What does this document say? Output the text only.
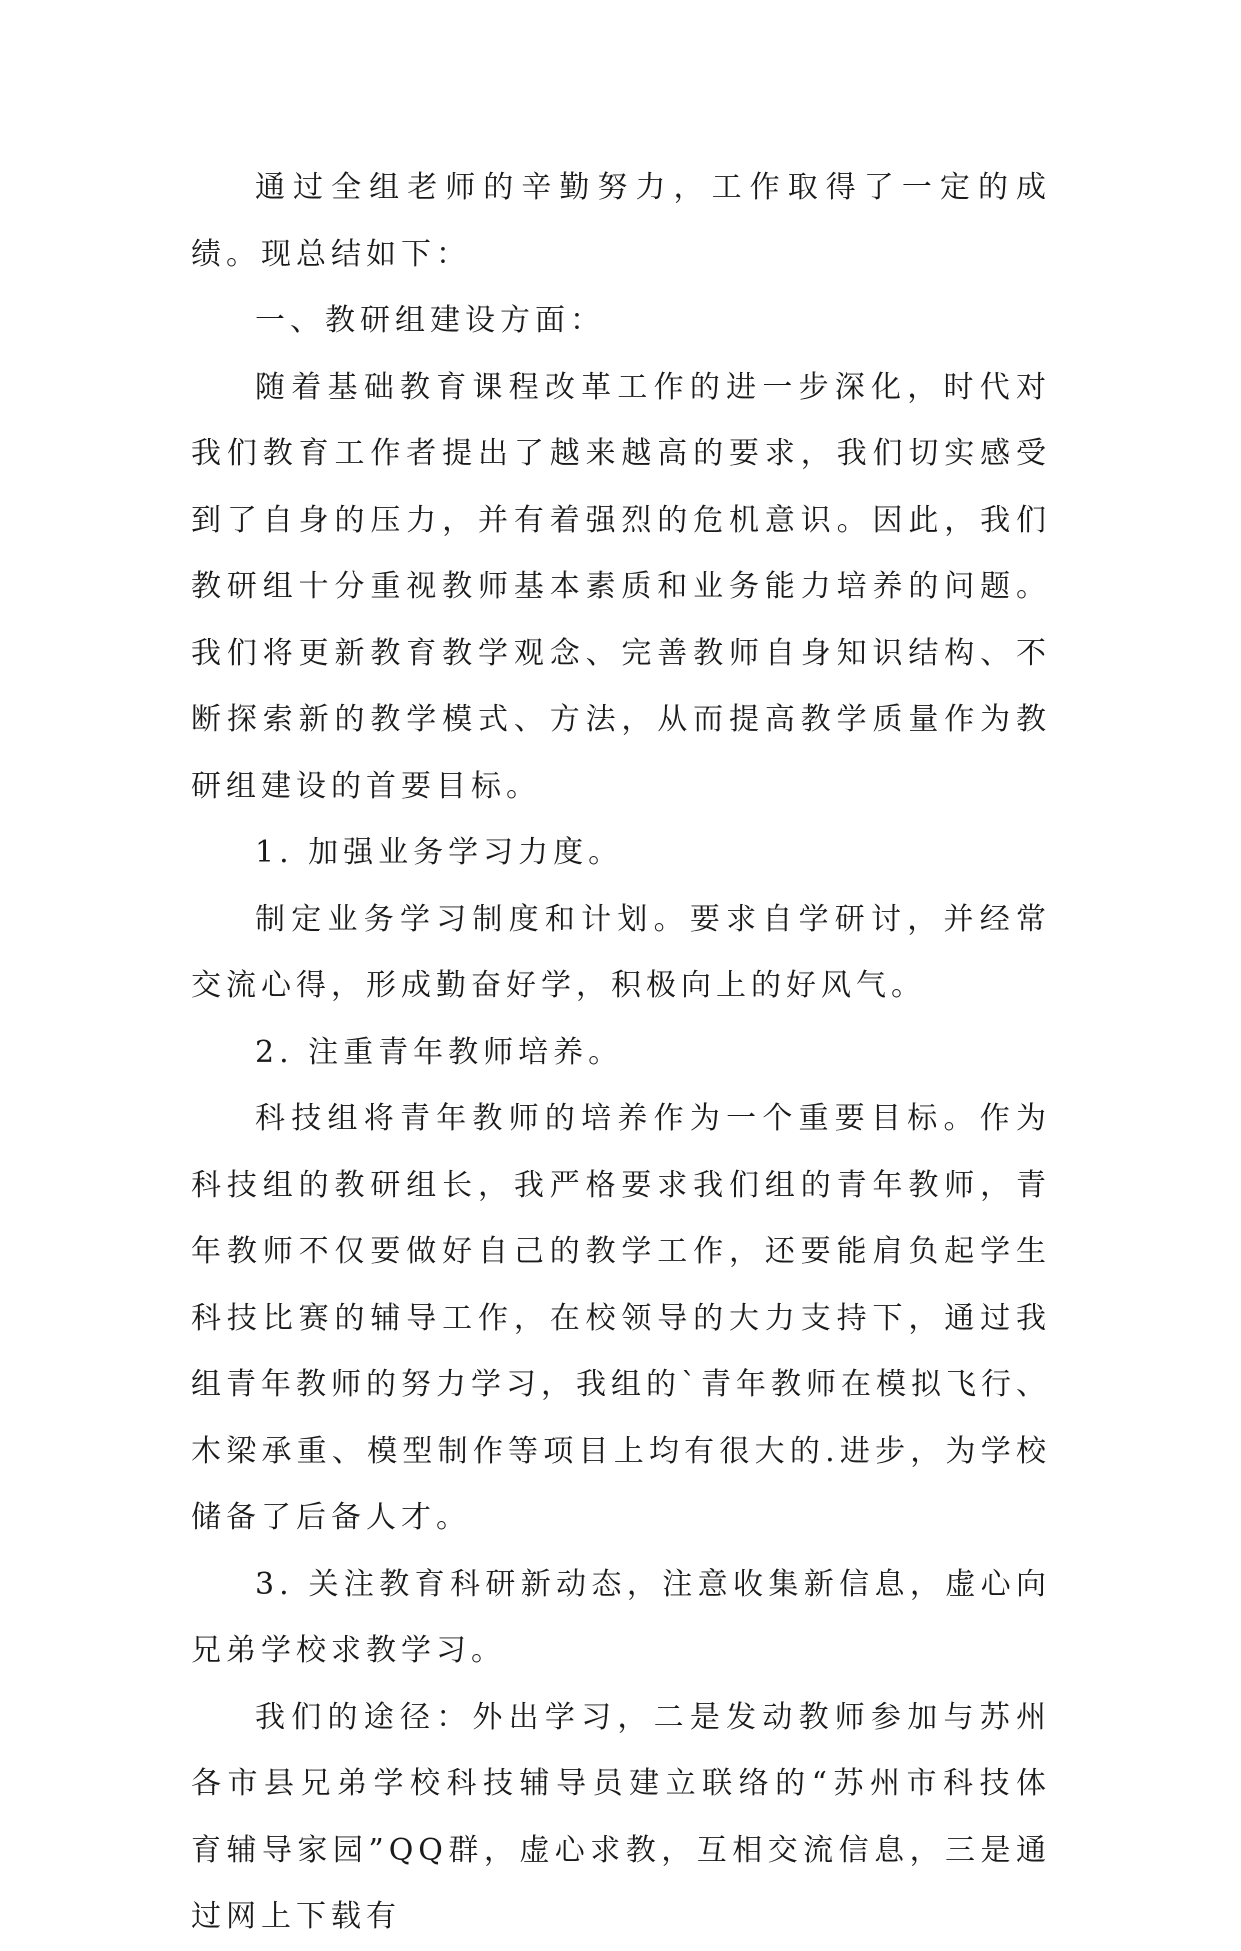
通过全组老师的辛勤努力，工作取得了一定的成绩。现总结如下：

一、教研组建设方面：

随着基础教育课程改革工作的进一步深化，时代对我们教育工作者提出了越来越高的要求，我们切实感受到了自身的压力，并有着强烈的危机意识。因此，我们教研组十分重视教师基本素质和业务能力培养的问题。我们将更新教育教学观念、完善教师自身知识结构、不断探索新的教学模式、方法，从而提高教学质量作为教研组建设的首要目标。

1. 加强业务学习力度。

制定业务学习制度和计划。要求自学研讨，并经常交流心得，形成勤奋好学，积极向上的好风气。

2. 注重青年教师培养。

科技组将青年教师的培养作为一个重要目标。作为科技组的教研组长，我严格要求我们组的青年教师，青年教师不仅要做好自己的教学工作，还要能肩负起学生科技比赛的辅导工作，在校领导的大力支持下，通过我组青年教师的努力学习，我组的`青年教师在模拟飞行、木梁承重、模型制作等项目上均有很大的.进步，为学校储备了后备人才。

3. 关注教育科研新动态，注意收集新信息，虚心向兄弟学校求教学习。

我们的途径：外出学习，二是发动教师参加与苏州各市县兄弟学校科技辅导员建立联络的“苏州市科技体育辅导家园”QQ群，虚心求教，互相交流信息，三是通过网上下载有
